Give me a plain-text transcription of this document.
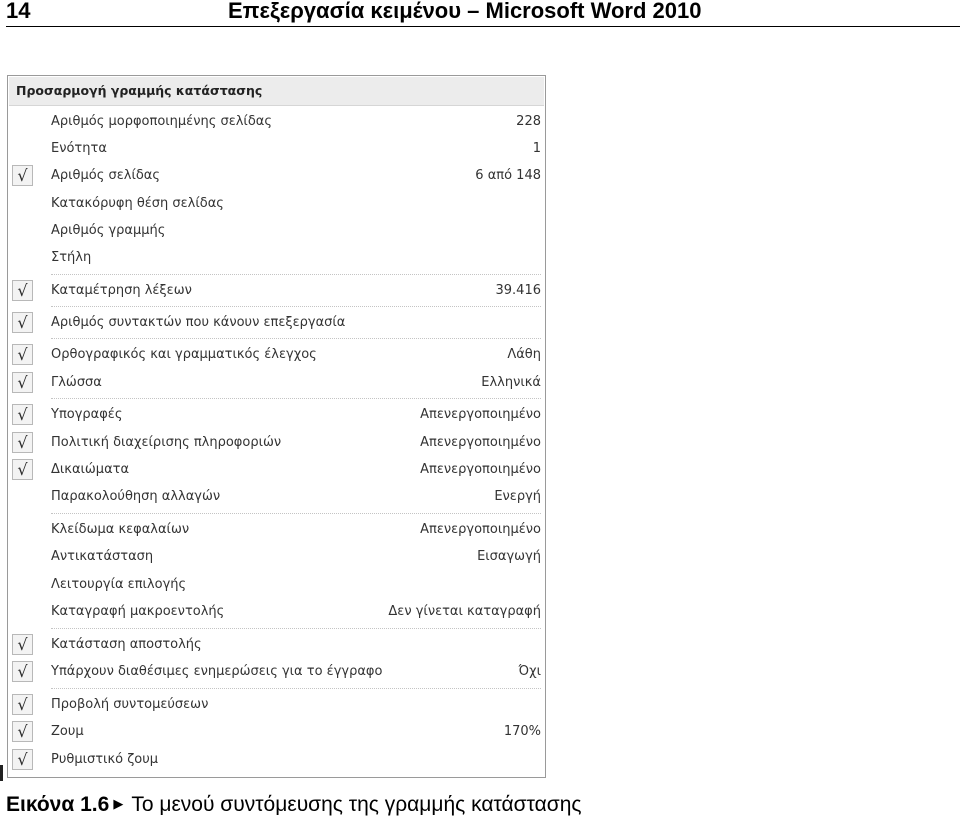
14	Επεξεργασία κειμένου – Microsoft Word 2010
Προσαρμογή γραμμής κατάστασης
Αριθμός μορφοποιημένης σελίδας	228
Ενότητα	1
√	Αριθμός σελίδας	6 από 148
Κατακόρυφη θέση σελίδας
Αριθμός γραμμής
Στήλη
√	Καταμέτρηση λέξεων	39.416
√	Αριθμός συντακτών που κάνουν επεξεργασία
√	Ορθογραφικός και γραμματικός έλεγχος	Λάθη
√	Γλώσσα	Ελληνικά
√	Υπογραφές	Απενεργοποιημένο
√	Πολιτική διαχείρισης πληροφοριών	Απενεργοποιημένο
√	Δικαιώματα	Απενεργοποιημένο
Παρακολούθηση αλλαγών	Ενεργή
Κλείδωμα κεφαλαίων	Απενεργοποιημένο
Αντικατάσταση	Εισαγωγή
Λειτουργία επιλογής
Καταγραφή μακροεντολής	Δεν γίνεται καταγραφή
√	Κατάσταση αποστολής
√	Υπάρχουν διαθέσιμες ενημερώσεις για το έγγραφο	Όχι
√	Προβολή συντομεύσεων
√	Ζουμ	170%
√	Ρυθμιστικό ζουμ
Εικόνα 1.6 ▶ Το μενού συντόμευσης της γραμμής κατάστασης
